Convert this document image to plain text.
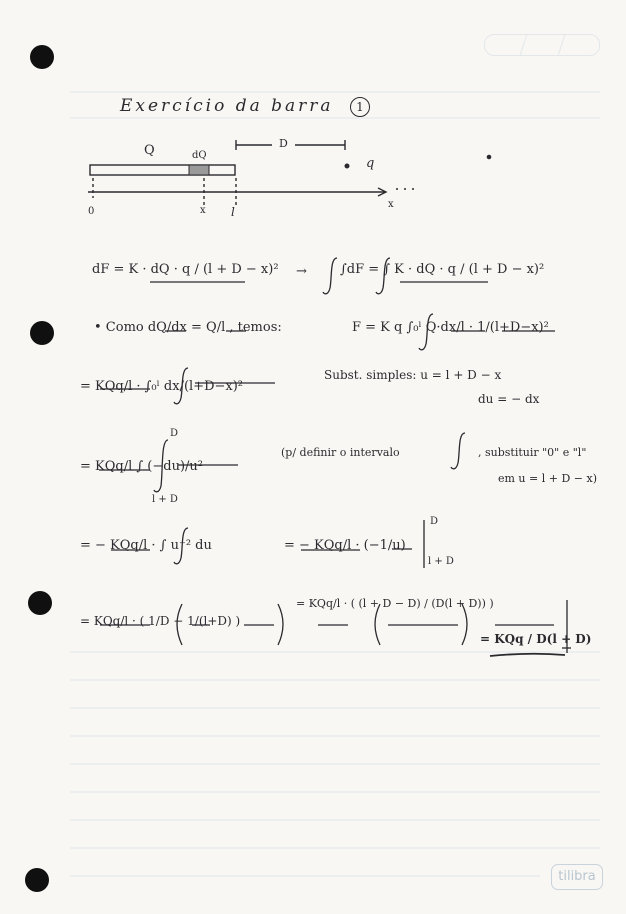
Exercício da barra 1
Q	dQ
D
q
0	x l
x
dF = K · dQ · q / (l + D − x)² →	∫dF = ∫ K · dQ · q / (l + D − x)²
• Como dQ/dx = Q/l , temos:	F = K q ∫₀ˡ Q·dx/l · 1/(l+D−x)²
= KQq/l · ∫₀ˡ dx/(l+D−x)²
Subst. simples: u = l + D − x
du = − dx
= KQq/l ∫ (−du)/u²
l + D
D
(p/ definir o intervalo	, substituir "0" e "l"
em u = l + D − x)
= − KQq/l · ∫ u⁻² du	= − KQq/l · (−1/u)
D
l + D
= KQq/l · ( 1/D − 1/(l+D) )
= KQq/l · ( (l + D − D) / (D(l + D)) )
= KQq / D(l + D)
tilibra
